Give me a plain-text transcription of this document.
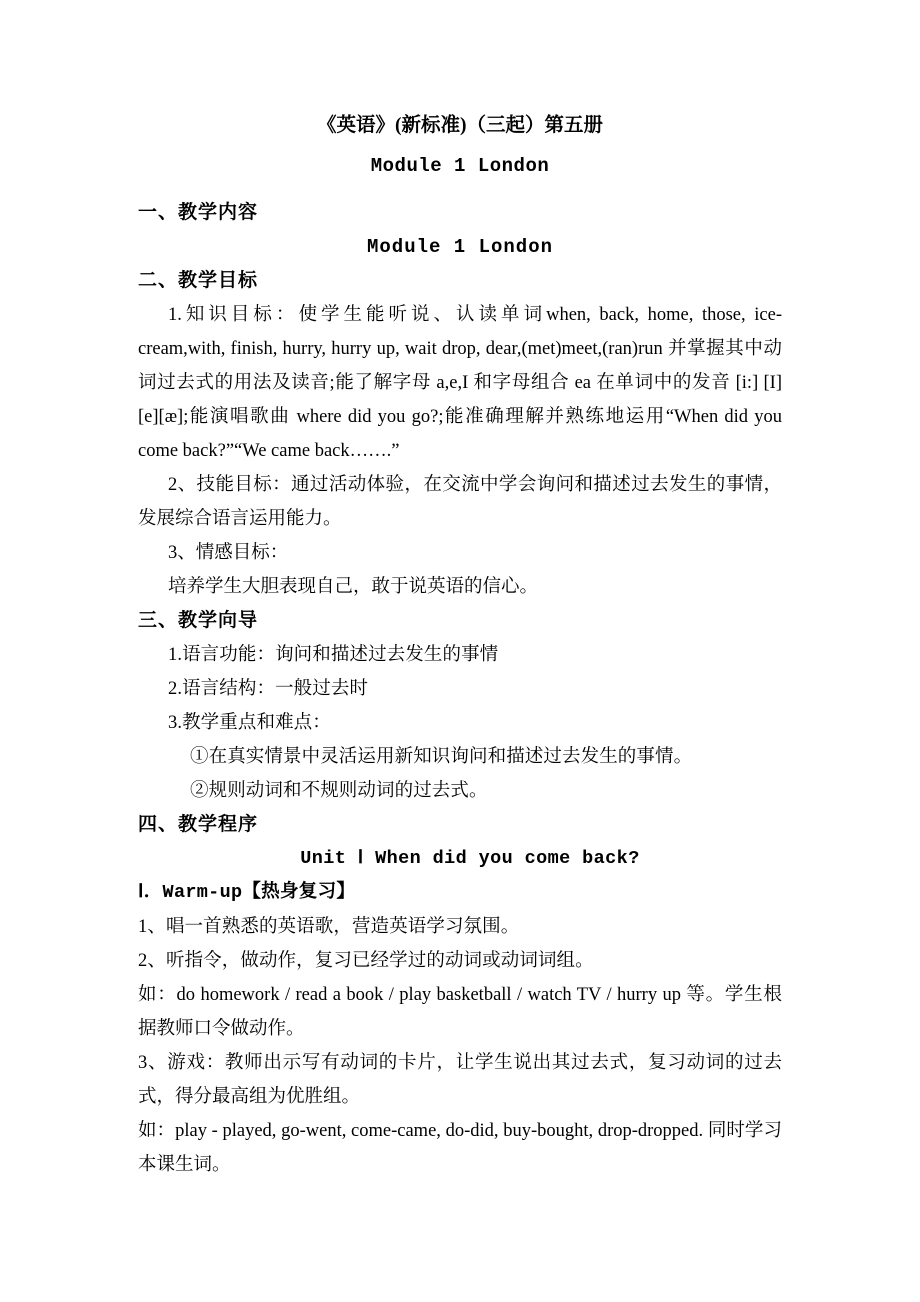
《英语》(新标准)（三起）第五册
Module 1 London
一、教学内容
Module 1 London
二、教学目标
1.知识目标：使学生能听说、认读单词when, back, home, those, ice-cream,with, finish, hurry, hurry up, wait drop, dear,(met)meet,(ran)run 并掌握其中动词过去式的用法及读音;能了解字母 a,e,I 和字母组合 ea 在单词中的发音 [i:] [I] [e][æ];能演唱歌曲 where did you go?;能准确理解并熟练地运用“When did you come back?”“We came back…….”
2、技能目标：通过活动体验，在交流中学会询问和描述过去发生的事情，发展综合语言运用能力。
3、情感目标：
培养学生大胆表现自己，敢于说英语的信心。
三、教学向导
1.语言功能：询问和描述过去发生的事情
2.语言结构：一般过去时
3.教学重点和难点：
①在真实情景中灵活运用新知识询问和描述过去发生的事情。
②规则动词和不规则动词的过去式。
四、教学程序
Unit Ⅰ When did you come back?
Ⅰ．Warm-up【热身复习】
1、唱一首熟悉的英语歌，营造英语学习氛围。
2、听指令，做动作，复习已经学过的动词或动词词组。
如：do homework / read a book / play basketball / watch TV / hurry up 等。学生根据教师口令做动作。
3、游戏：教师出示写有动词的卡片，让学生说出其过去式，复习动词的过去式，得分最高组为优胜组。
如：play - played, go-went, come-came, do-did, buy-bought, drop-dropped. 同时学习本课生词。
